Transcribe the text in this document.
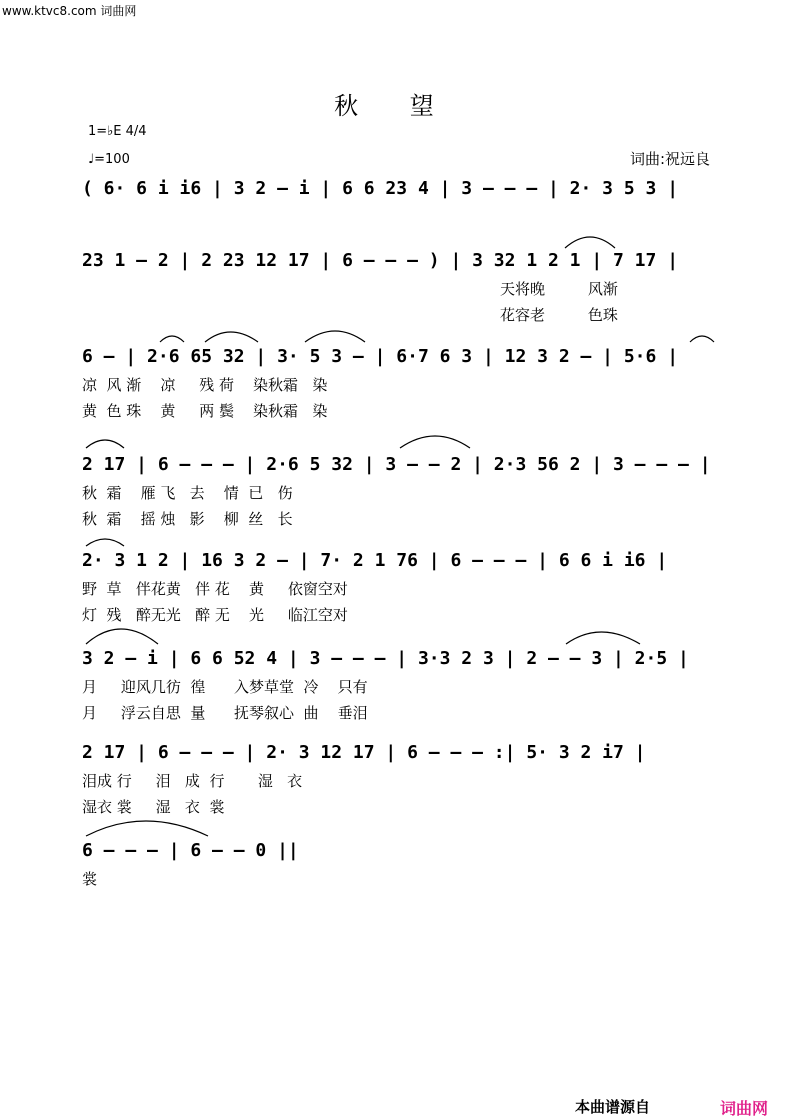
www.ktvc8.com 词曲网
秋 望
1=♭E 4/4
♩=100	词曲:祝远良
( 6· 6 i i6 | 3 2 – i | 6 6 23 4 | 3 – – – | 2· 3 5 3 |
23 1 – 2 | 2 23 12 17 | 6 – – – ) | 3 32 1 2 1 | 7 17 |
天将晚         风渐
花容老         色珠
6 – | 2·6 65 32 | 3· 5 3 – | 6·7 6 3 | 12 3 2 – | 5·6 |
凉  风 渐    凉     残 荷    染秋霜   染
黄  色 珠    黄     两 鬓    染秋霜   染
2 17 | 6 – – – | 2·6 5 32 | 3 – – 2 | 2·3 56 2 | 3 – – – |
秋  霜    雁 飞   去    情  已   伤
秋  霜    摇 烛   影    柳  丝   长
2· 3 1 2 | 16 3 2 – | 7· 2 1 76 | 6 – – – | 6 6 i i6 |
野  草   伴花黄   伴 花    黄     依窗空对
灯  残   醉无光   醉 无    光     临江空对
3 2 – i | 6 6 52 4 | 3 – – – | 3·3 2 3 | 2 – – 3 | 2·5 |
月     迎风几彷  徨      入梦草堂  冷    只有
月     浮云自思  量      抚琴叙心  曲    垂泪
2 17 | 6 – – – | 2· 3 12 17 | 6 – – – :| 5· 3 2 i7 |
泪成 行     泪   成  行       湿   衣
湿衣 裳     湿   衣  裳
6 – – – | 6 – – 0 ||
裳
本曲谱源自	词曲网
